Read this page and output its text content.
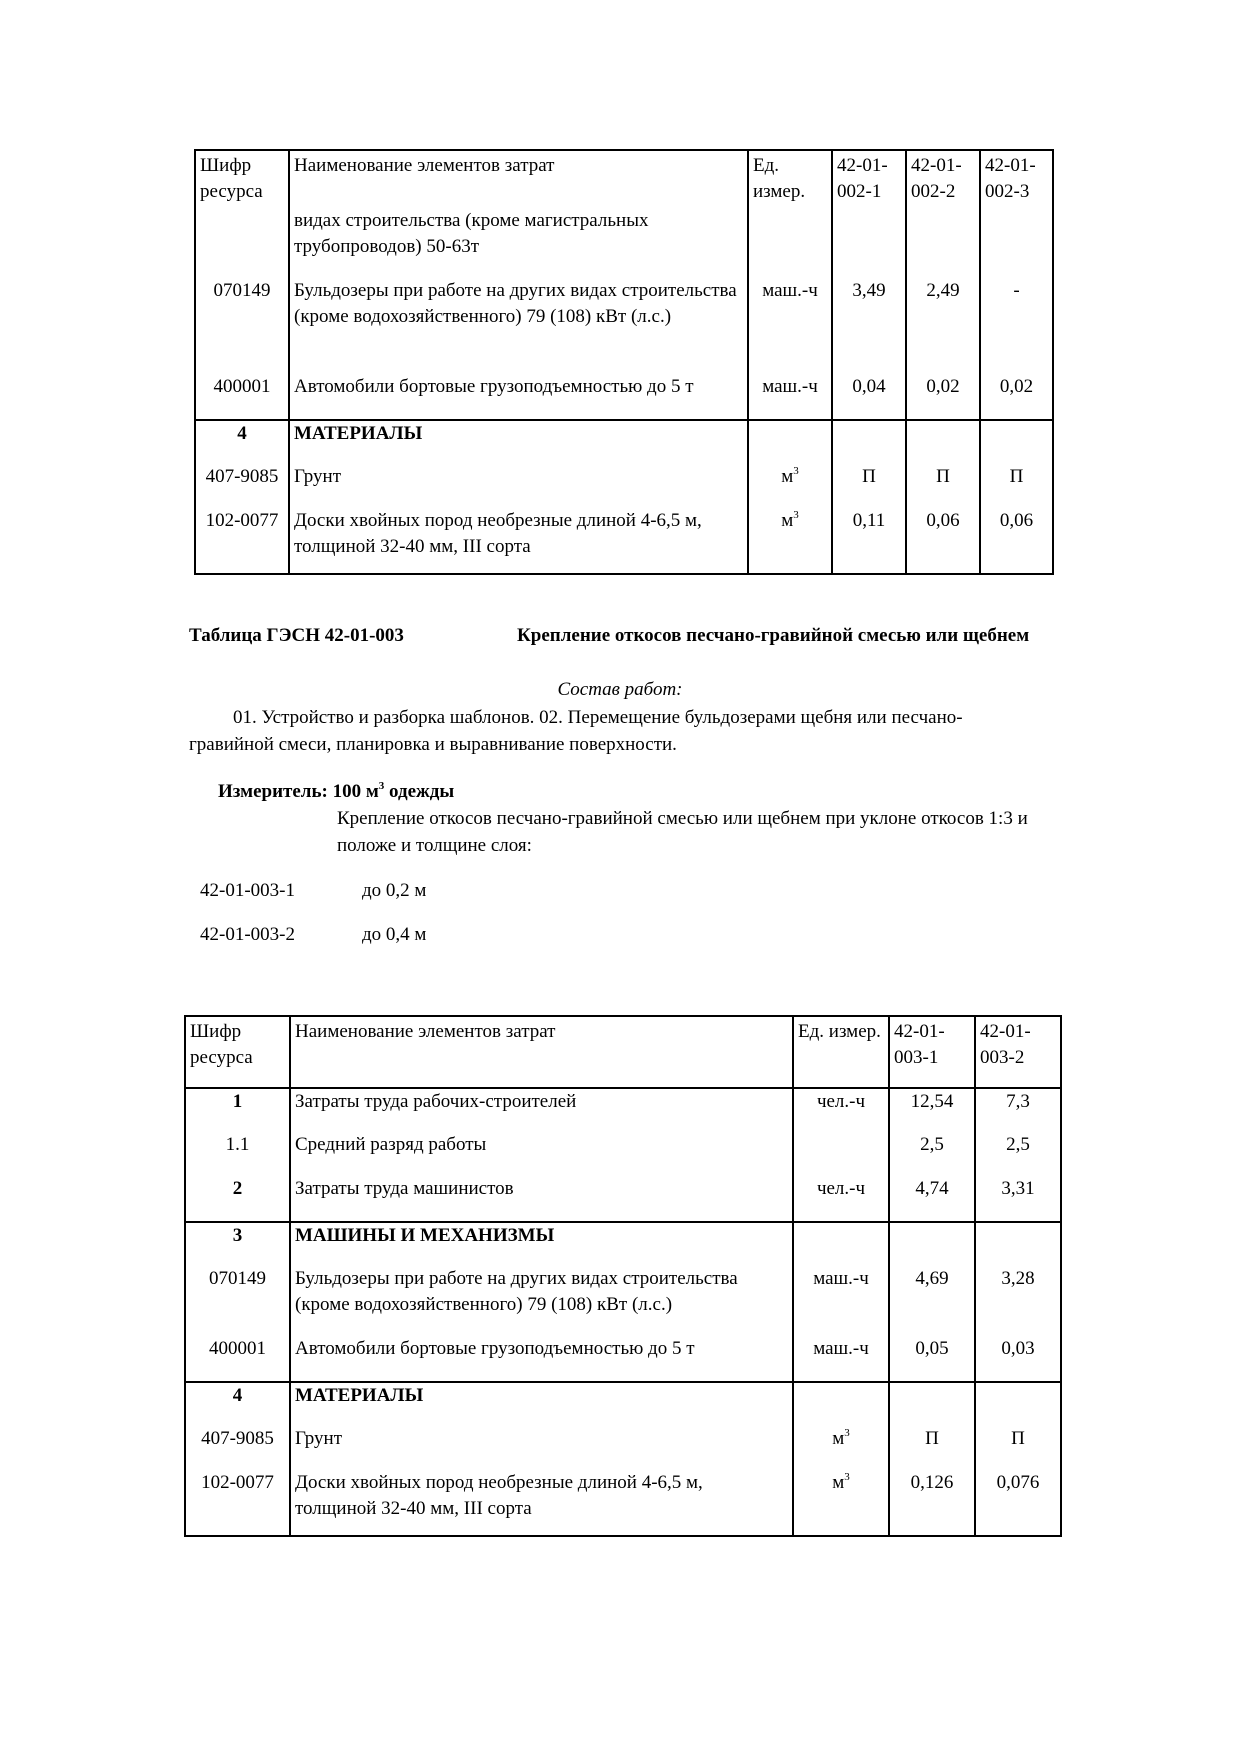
Шифр ресурса	Наименование элементов затрат	Ед. измер.	42-01-002-1	42-01-002-2	42-01-002-3
	видах строительства (кроме магистральных трубопроводов) 50-63т				
070149	Бульдозеры при работе на других видах строительства (кроме водохозяйственного) 79 (108) кВт (л.с.)	маш.-ч	3,49	2,49	-
400001	Автомобили бортовые грузоподъемностью до 5 т	маш.-ч	0,04	0,02	0,02
4	МАТЕРИАЛЫ				
407-9085	Грунт	$м^3$	П	П	П
102-0077	Доски хвойных пород необрезные длиной 4-6,5 м, толщиной 32-40 мм, III сорта	$м^3$	0,11	0,06	0,06
Таблица ГЭСН 42-01-003	Крепление откосов песчано-гравийной смесью или щебнем
Состав работ:
01. Устройство и разборка шаблонов. 02. Перемещение бульдозерами щебня или песчано-гравийной смеси, планировка и выравнивание поверхности.
Измеритель: 100 $м^3$ одежды
Крепление откосов песчано-гравийной смесью или щебнем при уклоне откосов 1:3 и положе и толщине слоя:
42-01-003-1	до 0,2 м
42-01-003-2	до 0,4 м
Шифр ресурса	Наименование элементов затрат	Ед. измер.	42-01-003-1	42-01-003-2
1	Затраты труда рабочих-строителей	чел.-ч	12,54	7,3
1.1	Средний разряд работы		2,5	2,5
2	Затраты труда машинистов	чел.-ч	4,74	3,31
3	МАШИНЫ И МЕХАНИЗМЫ			
070149	Бульдозеры при работе на других видах строительства (кроме водохозяйственного) 79 (108) кВт (л.с.)	маш.-ч	4,69	3,28
400001	Автомобили бортовые грузоподъемностью до 5 т	маш.-ч	0,05	0,03
4	МАТЕРИАЛЫ			
407-9085	Грунт	$м^3$	П	П
102-0077	Доски хвойных пород необрезные длиной 4-6,5 м, толщиной 32-40 мм, III сорта	$м^3$	0,126	0,076
